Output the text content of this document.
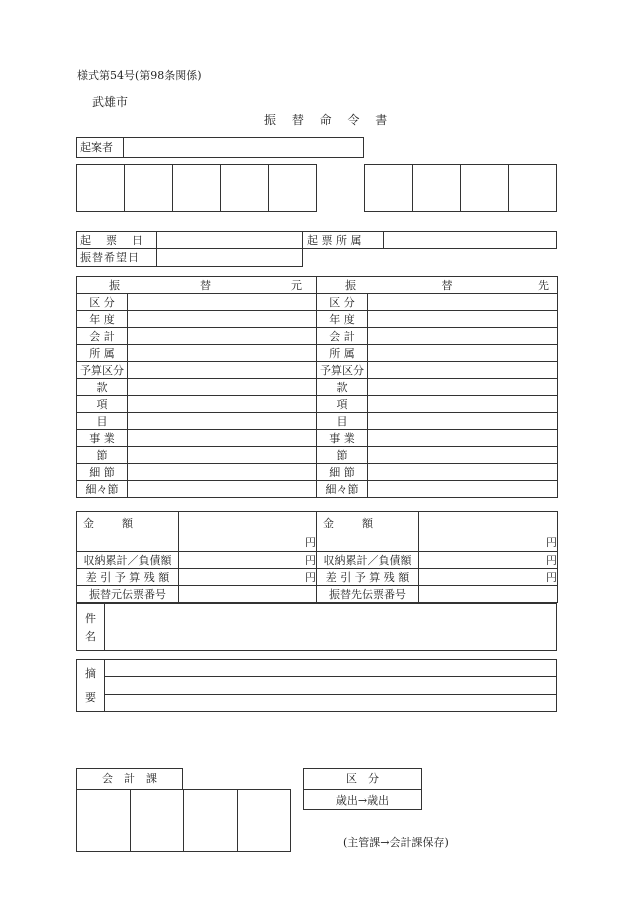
様式第54号(第98条関係)
武雄市
振 替 命 令 書
起案者
起　票　日	起 票 所 属
振替希望日
振 替 元		振 替 先	

区 分		区 分	
年 度		年 度	
会 計		会 計	
所 属		所 属	
予算区分		予算区分	
款		款	
項		項	
目		目	
事 業		事 業	
節		節	
細 節		細 節	
細々節		細々節	
金　　額	円	金　　額	円
収納累計／負債額	円	収納累計／負債額	円
差 引 予 算 残 額	円	差 引 予 算 残 額	円
振替元伝票番号		振替先伝票番号	
件
名
摘
要
会　計　課	区　分
歳出→歳出
(主管課→会計課保存)
